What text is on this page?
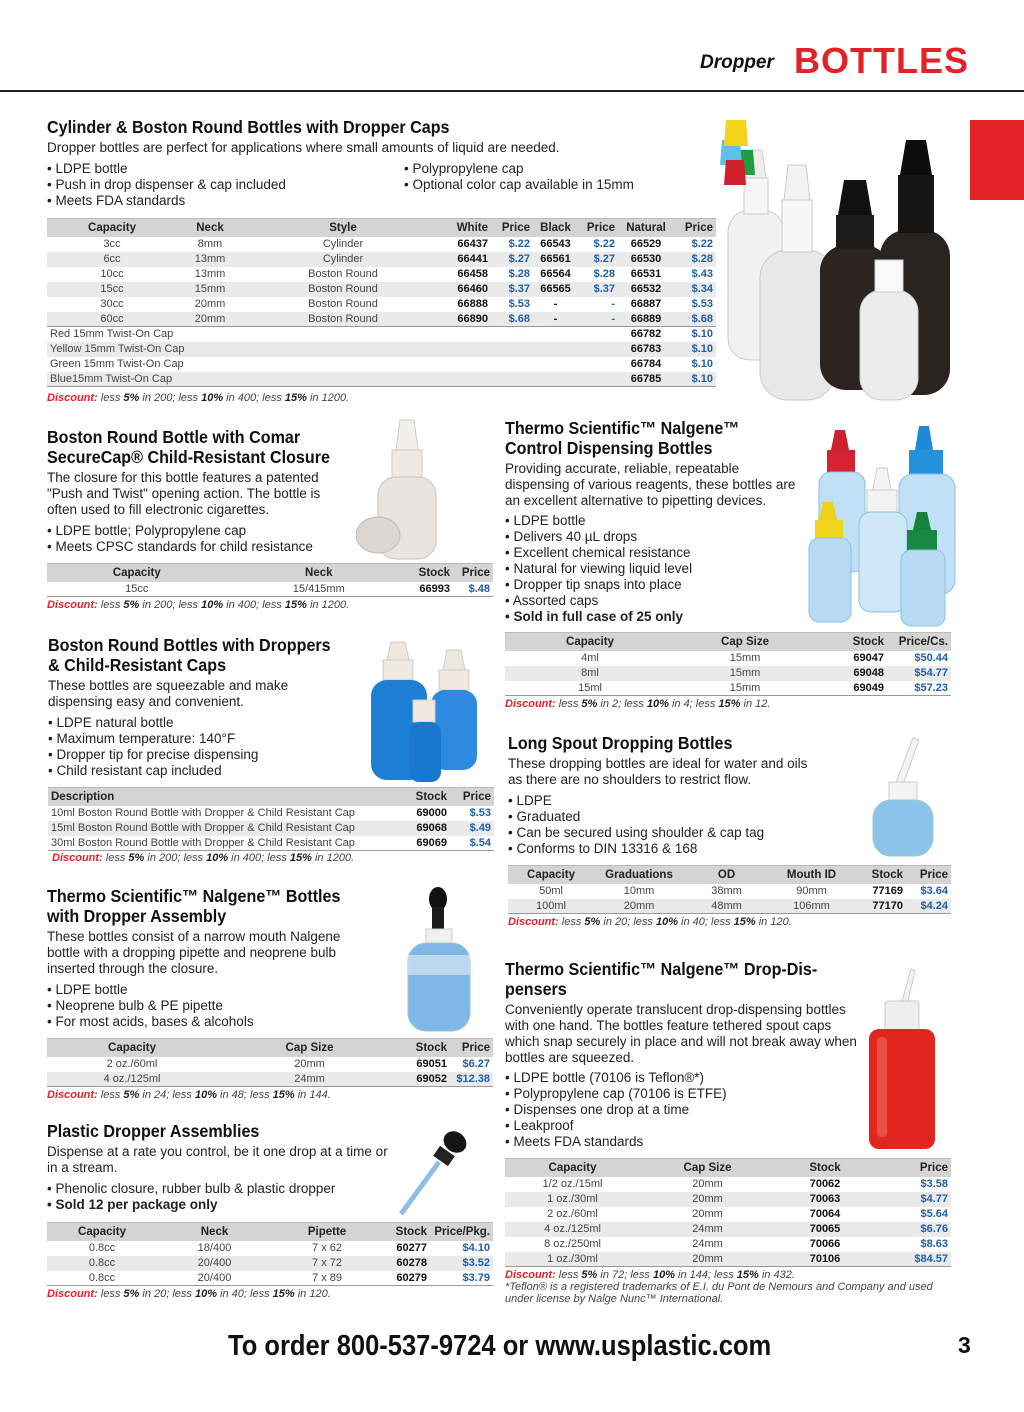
Dropper BOTTLES
Cylinder & Boston Round Bottles with Dropper Caps
Dropper bottles are perfect for applications where small amounts of liquid are needed.
• LDPE bottle
• Push in drop dispenser & cap included
• Meets FDA standards
• Polypropylene cap
• Optional color cap available in 15mm
Capacity	Neck	Style	White	Price	Black	Price	Natural	Price
3cc	8mm	Cylinder	66437	$.22	66543	$.22	66529	$.22
6cc	13mm	Cylinder	66441	$.27	66561	$.27	66530	$.28
10cc	13mm	Boston Round	66458	$.28	66564	$.28	66531	$.43
15cc	15mm	Boston Round	66460	$.37	66565	$.37	66532	$.34
30cc	20mm	Boston Round	66888	$.53	-	-	66887	$.53
60cc	20mm	Boston Round	66890	$.68	-	-	66889	$.68
Red 15mm Twist-On Cap							66782	$.10
Yellow 15mm Twist-On Cap							66783	$.10
Green 15mm Twist-On Cap							66784	$.10
Blue15mm Twist-On Cap							66785	$.10
Discount: less 5% in 200; less 10% in 400; less 15% in 1200.
Boston Round Bottle with Comar
SecureCap® Child-Resistant Closure
The closure for this bottle features a patented "Push and Twist" opening action. The bottle is often used to fill electronic cigarettes.
• LDPE bottle; Polypropylene cap
• Meets CPSC standards for child resistance
Capacity	Neck	Stock	Price
15cc	15/415mm	66993	$.48
Discount: less 5% in 200; less 10% in 400; less 15% in 1200.
Boston Round Bottles with Droppers
& Child-Resistant Caps
These bottles are squeezable and make dispensing easy and convenient.
• LDPE natural bottle
• Maximum temperature: 140°F
• Dropper tip for precise dispensing
• Child resistant cap included
Description	Stock	Price
10ml Boston Round Bottle with Dropper & Child Resistant Cap	69000	$.53
15ml Boston Round Bottle with Dropper & Child Resistant Cap	69068	$.49
30ml Boston Round Bottle with Dropper & Child Resistant Cap	69069	$.54
Discount: less 5% in 200; less 10% in 400; less 15% in 1200.
Thermo Scientific™ Nalgene™ Bottles
with Dropper Assembly
These bottles consist of a narrow mouth Nalgene bottle with a dropping pipette and neoprene bulb inserted through the closure.
• LDPE bottle
• Neoprene bulb & PE pipette
• For most acids, bases & alcohols
Capacity	Cap Size	Stock	Price
2 oz./60ml	20mm	69051	$6.27
4 oz./125ml	24mm	69052	$12.38
Discount: less 5% in 24; less 10% in 48; less 15% in 144.
Plastic Dropper Assemblies
Dispense at a rate you control, be it one drop at a time or in a stream.
• Phenolic closure, rubber bulb & plastic dropper
• Sold 12 per package only
Capacity	Neck	Pipette	Stock	Price/Pkg.
0.8cc	18/400	7 x 62	60277	$4.10
0.8cc	20/400	7 x 72	60278	$3.52
0.8cc	20/400	7 x 89	60279	$3.79
Discount: less 5% in 20; less 10% in 40; less 15% in 120.
Thermo Scientific™ Nalgene™
Control Dispensing Bottles
Providing accurate, reliable, repeatable dispensing of various reagents, these bottles are an excellent alternative to pipetting devices.
• LDPE bottle
• Delivers 40 µL drops
• Excellent chemical resistance
• Natural for viewing liquid level
• Dropper tip snaps into place
• Assorted caps
• Sold in full case of 25 only
Capacity	Cap Size	Stock	Price/Cs.
4ml	15mm	69047	$50.44
8ml	15mm	69048	$54.77
15ml	15mm	69049	$57.23
Discount: less 5% in 2; less 10% in 4; less 15% in 12.
Long Spout Dropping Bottles
These dropping bottles are ideal for water and oils as there are no shoulders to restrict flow.
• LDPE
• Graduated
• Can be secured using shoulder & cap tag
• Conforms to DIN 13316 & 168
Capacity	Graduations	OD	Mouth ID	Stock	Price
50ml	10mm	38mm	90mm	77169	$3.64
100ml	20mm	48mm	106mm	77170	$4.24
Discount: less 5% in 20; less 10% in 40; less 15% in 120.
Thermo Scientific™ Nalgene™ Drop-Dis-
pensers
Conveniently operate translucent drop-dispensing bottles with one hand. The bottles feature tethered spout caps which snap securely in place and will not break away when bottles are squeezed.
• LDPE bottle (70106 is Teflon®*)
• Polypropylene cap (70106 is ETFE)
• Dispenses one drop at a time
• Leakproof
• Meets FDA standards
Capacity	Cap Size	Stock	Price
1/2 oz./15ml	20mm	70062	$3.58
1 oz./30ml	20mm	70063	$4.77
2 oz./60ml	20mm	70064	$5.64
4 oz./125ml	24mm	70065	$6.76
8 oz./250ml	24mm	70066	$8.63
1 oz./30ml	20mm	70106	$84.57
Discount: less 5% in 72; less 10% in 144; less 15% in 432.
*Teflon® is a registered trademarks of E.I. du Pont de Nemours and Company and used
under license by Nalge Nunc™ International.
To order 800-537-9724 or www.usplastic.com	3
